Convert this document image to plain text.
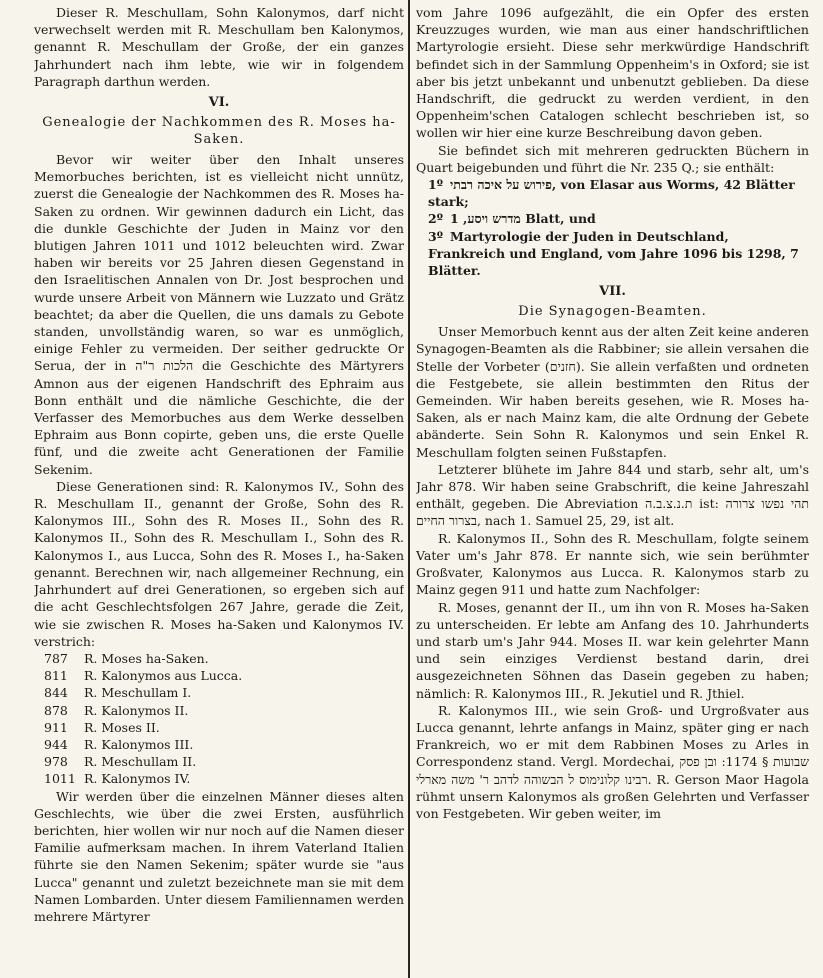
Dieser R. Meschullam, Sohn Kalonymos, darf nicht verwechselt werden mit R. Meschullam ben Kalonymos, genannt R. Meschullam der Große, der ein ganzes Jahrhundert nach ihm lebte, wie wir in folgendem Paragraph darthun werden.

VI.
Genealogie der Nachkommen des R. Moses ha-Saken.

Bevor wir weiter über den Inhalt unseres Memorbuches berichten, ist es vielleicht nicht unnütz, zuerst die Genealogie der Nachkommen des R. Moses ha-Saken zu ordnen. Wir gewinnen dadurch ein Licht, das die dunkle Geschichte der Juden in Mainz vor den blutigen Jahren 1011 und 1012 beleuchten wird. Zwar haben wir bereits vor 25 Jahren diesen Gegenstand in den Israelitischen Annalen von Dr. Jost besprochen und wurde unsere Arbeit von Männern wie Luzzato und Grätz beachtet; da aber die Quellen, die uns damals zu Gebote standen, unvollständig waren, so war es unmöglich, einige Fehler zu vermeiden. Der seither gedruckte Or Serua, der in הלכות ר"ה die Geschichte des Märtyrers Amnon aus der eigenen Handschrift des Ephraim aus Bonn enthält und die nämliche Geschichte, die der Verfasser des Memorbuches aus dem Werke desselben Ephraim aus Bonn copirte, geben uns, die erste Quelle fünf, und die zweite acht Generationen der Familie Sekenim.

Diese Generationen sind: R. Kalonymos IV., Sohn des R. Meschullam II., genannt der Große, Sohn des R. Kalonymos III., Sohn des R. Moses II., Sohn des R. Kalonymos II., Sohn des R. Meschullam I., Sohn des R. Kalonymos I., aus Lucca, Sohn des R. Moses I., ha-Saken genannt. Berechnen wir, nach allgemeiner Rechnung, ein Jahrhundert auf drei Generationen, so ergeben sich auf die acht Geschlechtsfolgen 267 Jahre, gerade die Zeit, wie sie zwischen R. Moses ha-Saken und Kalonymos IV. verstrich:

787 R. Moses ha-Saken.
811 R. Kalonymos aus Lucca.
844 R. Meschullam I.
878 R. Kalonymos II.
911 R. Moses II.
944 R. Kalonymos III.
978 R. Meschullam II.
1011 R. Kalonymos IV.

Wir werden über die einzelnen Männer dieses alten Geschlechts, wie über die zwei Ersten, ausführlich berichten, hier wollen wir nur noch auf die Namen dieser Familie aufmerksam machen. In ihrem Vaterland Italien führte sie den Namen Sekenim; später wurde sie "aus Lucca" genannt und zuletzt bezeichnete man sie mit dem Namen Lombarden. Unter diesem Familiennamen werden mehrere Märtyrer

vom Jahre 1096 aufgezählt, die ein Opfer des ersten Kreuzzuges wurden, wie man aus einer handschriftlichen Martyrologie ersieht. Diese sehr merkwürdige Handschrift befindet sich in der Sammlung Oppenheim's in Oxford; sie ist aber bis jetzt unbekannt und unbenutzt geblieben. Da diese Handschrift, die gedruckt zu werden verdient, in den Oppenheim'schen Catalogen schlecht beschrieben ist, so wollen wir hier eine kurze Beschreibung davon geben.

Sie befindet sich mit mehreren gedruckten Büchern in Quart beigebunden und führt die Nr. 235 Q.; sie enthält:

1º פירוש על איכה רבתי, von Elasar aus Worms, 42 Blätter stark;
2º מדרש ויסע, 1 Blatt, und
3º Martyrologie der Juden in Deutschland, Frankreich und England, vom Jahre 1096 bis 1298, 7 Blätter.
VII.
Die Synagogen-Beamten.

Unser Memorbuch kennt aus der alten Zeit keine anderen Synagogen-Beamten als die Rabbiner; sie allein versahen die Stelle der Vorbeter (חזנים). Sie allein verfaßten und ordneten die Festgebete, sie allein bestimmten den Ritus der Gemeinden. Wir haben bereits gesehen, wie R. Moses ha-Saken, als er nach Mainz kam, die alte Ordnung der Gebete abänderte. Sein Sohn R. Kalonymos und sein Enkel R. Meschullam folgten seinen Fußstapfen.

Letzterer blühete im Jahre 844 und starb, sehr alt, um's Jahr 878. Wir haben seine Grabschrift, die keine Jahreszahl enthält, gegeben. Die Abreviation ת.נ.צ.ב.ה ist: תהי נפשו צרורה בצרור החיים, nach 1. Samuel 25, 29, ist alt.

R. Kalonymos II., Sohn des R. Meschullam, folgte seinem Vater um's Jahr 878. Er nannte sich, wie sein berühmter Großvater, Kalonymos aus Lucca. R. Kalonymos starb zu Mainz gegen 911 und hatte zum Nachfolger:

R. Moses, genannt der II., um ihn von R. Moses ha-Saken zu unterscheiden. Er lebte am Anfang des 10. Jahrhunderts und starb um's Jahr 944. Moses II. war kein gelehrter Mann und sein einziges Verdienst bestand darin, drei ausgezeichneten Söhnen das Dasein gegeben zu haben; nämlich: R. Kalonymos III., R. Jekutiel und R. Jthiel.

R. Kalonymos III., wie sein Groß- und Urgroßvater aus Lucca genannt, lehrte anfangs in Mainz, später ging er nach Frankreich, wo er mit dem Rabbinen Moses zu Arles in Correspondenz stand. Vergl. Mordechai, שבועות § 1174: ובן פסק רבינו קלונימוס ל הבשוהה לדהב ר' משה מארלי. R. Gerson Maor Hagola rühmt unsern Kalonymos als großen Gelehrten und Verfasser von Festgebeten. Wir geben weiter, im
